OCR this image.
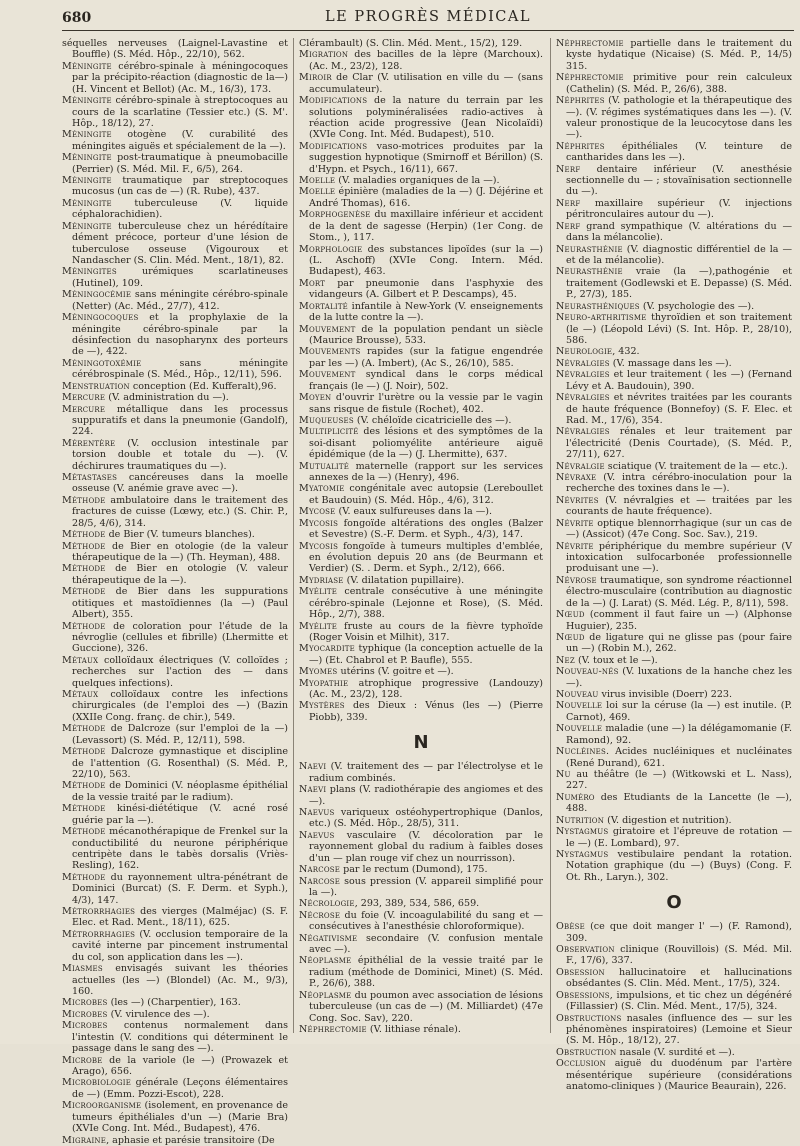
680	LE PROGRÈS MÉDICAL

séquelles nerveuses (Laignel-Lavastine et Bouffle) (S. Méd. Hôp., 22/10), 562.

Méningite cérébro-spinale à méningocoques par la précipito-réaction (diagnostic de la—) (H. Vincent et Bellot) (Ac. M., 16/3), 173.

Méningite cérébro-spinale à streptocoques au cours de la scarlatine (Tessier etc.) (S. M'. Hôp., 18/12), 27.

Méningite otogène (V. curabilité des méningites aiguës et spécialement de la —).

Méningite post-traumatique à pneumobacille (Perrier) (S. Méd. Mil. F., 6/5), 264.

Méningite traumatique par streptocoques mucosus (un cas de —) (R. Rube), 437.

Méningite tuberculeuse (V. liquide céphalorachidien).

Méningite tuberculeuse chez un hérédítaire dément précoce, porteur d'une lésion de tuberculose osseuse (Vigouroux et Nandascher (S. Clin. Méd. Ment., 18/1), 82.

Méningites urémiques scarlatineuses (Hutinel), 109.

Méningocémie sans méningite cérébro-spinale (Netter) (Ac. Méd., 27/7), 412.

Méningocoques et la prophylaxie de la méningite cérébro-spinale par la désinfection du nasopharynx des porteurs de —), 422.

Méningotoxémie sans méningite cérébrospinale (S. Méd., Hôp., 12/11), 596.

Menstruation conception (Ed. Kufferalt),96.

Mercure (V. administration du —).

Mercure métallique dans les processus suppuratifs et dans la pneumonie (Gandolf), 224.

Mérentère (V. occlusion intestinale par torsion double et totale du —). (V. déchirures traumatiques du —).

Métastases cancéreuses dans la moelle osseuse (V. anémie grave avec —).

Méthode ambulatoire dans le traitement des fractures de cuisse (Lœwy, etc.) (S. Chir. P., 28/5, 4/6), 314.

Méthode de Bier (V. tumeurs blanches).

Méthode de Bier en otologie (de la valeur thérapeutique de la —) (Th. Heyman), 488.

Méthode de Bier en otologie (V. valeur thérapeutique de la —).

Méthode de Bier dans les suppurations otitiques et mastoïdiennes (la —) (Paul Albert), 355.

Méthode de coloration pour l'étude de la névroglie (cellules et fibrille) (Lhermitte et Guccione), 326.

Métaux colloïdaux électriques (V. colloïdes ; recherches sur l'action des — dans quelques infections).

Métaux colloïdaux contre les infections chirurgicales (de l'emploi des —) (Bazin (XXIIe Cong. franç. de chir.), 549.

Méthode de Dalcroze (sur l'emploi de la —) (Levassort) (S. Méd. P., 12/11), 598.

Méthode Dalcroze gymnastique et discipline de l'attention (G. Rosenthal) (S. Méd. P., 22/10), 563.

Méthode de Dominici (V. néoplasme épithélial de la vessie traité par le radium).

Méthode kinési-diététique (V. acné rosé guérie par la —).

Méthode mécanothérapique de Frenkel sur la conductibilité du neurone périphérique centripète dans le tabès dorsalis (Vriès-Resling), 162.

Méthode du rayonnement ultra-pénétrant de Dominici (Burcat) (S. F. Derm. et Syph.), 4/3), 147.

Métrorrhagies des vierges (Malméjac) (S. F. Elec. et Rad. Ment., 18/11), 625.

Métrorrhagies (V. occlusion temporaire de la cavité interne par pincement instrumental du col, son application dans les —).

Miasmes envisagés suivant les théories actuelles (les —) (Blondel) (Ac. M., 9/3), 160.

Microbes (les —) (Charpentier), 163.

Microbes (V. virulence des —).

Microbes contenus normalement dans l'intestin (V. conditions qui déterminent le passage dans le sang des —).

Microbe de la variole (le —) (Prowazek et Arago), 656.

Microbiologie générale (Leçons élémentaires de —) (Emm. Pozzi-Escot), 228.

Microorganisme (isolement, en provenance de tumeurs épithéliales d'un —) (Marie Bra) (XVIe Cong. Int. Méd., Budapest), 476.

Migraine, aphasie et parésie transitoire (De

Clérambault) (S. Clin. Méd. Ment., 15/2), 129.

Migration des bacilles de la lèpre (Marchoux). (Ac. M., 23/2), 128.

Miroir de Clar (V. utilisation en ville du — (sans accumulateur).

Modifications de la nature du terrain par les solutions polyminéralisées radio-actives à réaction acide progressive (Jean Nicolaïdi) (XVIe Cong. Int. Méd. Budapest), 510.

Modifications vaso-motrices produites par la suggestion hypnotique (Smirnoff et Bérillon) (S. d'Hypn. et Psych., 16/11), 667.

Moelle (V. maladies organiques de la —).

Moelle épinière (maladies de la —) (J. Déjérine et André Thomas), 616.

Morphogenèse du maxillaire inférieur et accident de la dent de sagesse (Herpin) (1er Cong. de Stom., ), 117.

Morphologie des substances lipoïdes (sur la —) (L. Aschoff) (XVIe Cong. Intern. Méd. Budapest), 463.

Mort par pneumonie dans l'asphyxie des vidangeurs (A. Gilbert et P. Descamps), 45.

Mortalité infantile à New-York (V. enseignements de la lutte contre la —).

Mouvement de la population pendant un siècle (Maurice Brousse), 533.

Mouvements rapides (sur la fatigue engendrée par les —) (A. Imbert), (Ac S., 26/10), 585.

Mouvement syndical dans le corps médical français (le —) (J. Noir), 502.

Moyen d'ouvrir l'urètre ou la vessie par le vagin sans risque de fistule (Rochet), 402.

Muqueuses (V. chéloïde cicatricielle des —).

Multiplicité des lésions et des symptômes de la soi-disant poliomyélite antérieure aiguë épidémique (de la —) (J. Lhermitte), 637.

Mutualité maternelle (rapport sur les services annexes de la —) (Henry), 496.

Myatomie congénitale avec autopsie (Lereboullet et Baudouin) (S. Méd. Hôp., 4/6), 312.

Mycose (V. eaux sulfureuses dans la —).

Mycosis fongoïde altérations des ongles (Balzer et Sevestre) (S.-F. Derm. et Syph., 4/3), 147.

Mycosis fongoïde à tumeurs multiples d'emblée, en évolution depuis 20 ans (de Beurmann et Verdier) (S. . Derm. et Syph., 2/12), 666.

Mydriase (V. dilatation pupillaire).

Myélite centrale consécutive à une méningite cérébro-spinale (Lejonne et Rose), (S. Méd. Hôp., 2/7), 388.

Myélite fruste au cours de la fièvre typhoïde (Roger Voisin et Milhit), 317.

Myocardite typhique (la conception actuelle de la —) (Et. Chabrol et P. Baufle), 555.

Myomes utérins (V. goitre et —).

Myopathie atrophique progressive (Landouzy) (Ac. M., 23/2), 128.

Mystères des Dieux : Vénus (les —) (Pierre Piobb), 339.

N

Naevi (V. traitement des — par l'électrolyse et le radium combinés.

Naevi plans (V. radiothérapie des angiomes et des —).

Naevus variqueux ostéohypertrophique (Danlos, etc.) (S. Méd. Hôp., 28/5), 311.

Naevus vasculaire (V. décoloration par le rayonnement global du radium à faibles doses d'un — plan rouge vif chez un nourrisson).

Narcose par le rectum (Dumond), 175.

Narcose sous pression (V. appareil simplifié pour la —).

Nécrologie, 293, 389, 534, 586, 659.

Nécrose du foie (V. incoagulabilité du sang et — consécutives à l'anesthésie chloroformique).

Négativisme secondaire (V. confusion mentale avec —).

Néoplasme épithélial de la vessie traité par le radium (méthode de Dominici, Minet) (S. Méd. P., 26/6), 388.

Néoplasme du poumon avec association de lésions tuberculeuse (un cas de —) (M. Milliardet) (47e Cong. Soc. Sav), 220.

Néphrectomie (V. lithiase rénale).

Néphrectomie partielle dans le traitement du kyste hydatique (Nicaise) (S. Méd. P., 14/5) 315.

Néphrectomie primitive pour rein calculeux (Cathelin) (S. Méd. P., 26/6), 388.

Néphrites (V. pathologie et la thérapeutique des —). (V. régimes systématiques dans les —). (V. valeur pronostique de la leucocytose dans les —).

Néphrites épithéliales (V. teinture de cantharides dans les —).

Nerf dentaire inférieur (V. anesthésie sectionnelle du — ; stovaïnisation sectionnelle du —).

Nerf maxillaire supérieur (V. injections péritronculaires autour du —).

Nerf grand sympathique (V. altérations du — dans la mélancolie).

Neurasthénie (V. diagnostic différentiel de la — et de la mélancolie).

Neurasthénie vraie (la —),pathogénie et traitement (Godlewski et E. Depasse) (S. Méd. P., 27/3), 185.

Neurasthéniques (V. psychologie des —).

Neuro-arthritisme thyroïdien et son traitement (le —) (Léopold Lévi) (S. Int. Hôp. P., 28/10), 586.

Neurologie, 432.

Névralgies (V. massage dans les —).

Névralgies et leur traitement ( les —) (Fernand Lévy et A. Baudouin), 390.

Névralgies et névrites traitées par les courants de haute fréquence (Bonnefoy) (S. F. Elec. et Rad. M., 17/6), 354.

Névralgies rénales et leur traitement par l'électricité (Denis Courtade), (S. Méd. P., 27/11), 627.

Névralgie sciatique (V. traitement de la — etc.).

Névraxe (V. intra cérébro-inoculation pour la recherche des toxines dans le —).

Névrites (V. névralgies et — traitées par les courants de haute fréquence).

Névrite optique blennorrhagique (sur un cas de —) (Assicot) (47e Cong. Soc. Sav.), 219.

Névrite périphérique du membre supérieur (V intoxication sulfocarbonée professionnelle produisant une —).

Névrose traumatique, son syndrome réactionnel électro-musculaire (contribution au diagnostic de la —) (J. Larat) (S. Méd. Lég. P., 8/11), 598.

Nœud (comment il faut faire un —) (Alphonse Huguier), 235.

Nœud de ligature qui ne glisse pas (pour faire un —) (Robin M.), 262.

Nez (V. toux et le —).

Nouveau-nés (V. luxations de la hanche chez les —).

Nouveau virus invisible (Doerr) 223.

Nouvelle loi sur la céruse (la —) est inutile. (P. Carnot), 469.

Nouvelle maladie (une —) la délégamomanie (F. Ramond), 92.

Nucléines. Acides nucléiniques et nucléinates (René Durand), 621.

Nu au théâtre (le —) (Witkowski et L. Nass), 227.

Numéro des Etudiants de la Lancette (le —), 488.

Nutrition (V. digestion et nutrition).

Nystagmus giratoire et l'épreuve de rotation — le —) (E. Lombard), 97.

Nystagmus vestibulaire pendant la rotation. Notation graphique (du —) (Buys) (Cong. F. Ot. Rh., Laryn.), 302.

O

Obèse (ce que doit manger l' —) (F. Ramond), 309.

Observation clinique (Rouvillois) (S. Méd. Mil. F., 17/6), 337.

Obsession hallucinatoire et hallucinations obsédantes (S. Clin. Méd. Ment., 17/5), 324.

Obsessions, impulsions, et tic chez un dégénéré (Fillassier) (S. Clin. Méd. Ment., 17/5), 324.

Obstructions nasales (influence des — sur les phénomènes inspiratoires) (Lemoine et Sieur (S. M. Hôp., 18/12), 27.

Obstruction nasale (V. surdité et —).

Occlusion aiguë du duodénum par l'artère mésentérique supérieure (considérations anatomo-cliniques ) (Maurice Beaurain), 226.
